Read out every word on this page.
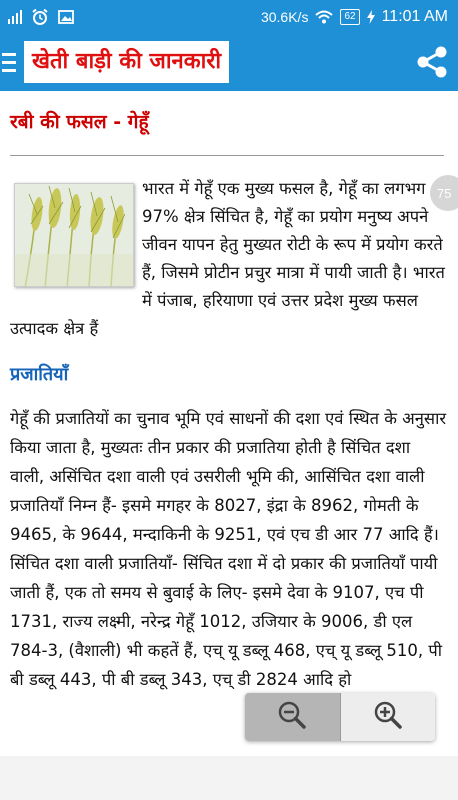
30.6K/s	62 11:01 AM
खेती बाड़ी की जानकारी
रबी की फसल - गेहूँ
भारत में गेहूँ एक मुख्य फसल है, गेहूँ का लगभग 97% क्षेत्र सिंचित है, गेहूँ का प्रयोग मनुष्य अपने जीवन यापन हेतु मुख्यत रोटी के रूप में प्रयोग करते हैं, जिसमे प्रोटीन प्रचुर मात्रा में पायी जाती है। भारत में पंजाब, हरियाणा एवं उत्तर प्रदेश मुख्य फसल उत्पादक क्षेत्र हैं
प्रजातियाँ

गेहूँ की प्रजातियों का चुनाव भूमि एवं साधनों की दशा एवं स्थित के अनुसार किया जाता है, मुख्यतः तीन प्रकार की प्रजातिया होती है सिंचित दशा वाली, असिंचित दशा वाली एवं उसरीली भूमि की, आसिंचित दशा वाली प्रजातियाँ निम्न हैं- इसमे मगहर के 8027, इंद्रा के 8962, गोमती के 9465, के 9644, मन्दाकिनी के 9251, एवं एच डी आर 77 आदि हैं। सिंचित दशा वाली प्रजातियाँ- सिंचित दशा में दो प्रकार की प्रजातियाँ पायी जाती हैं, एक तो समय से बुवाई के लिए- इसमे देवा के 9107, एच पी 1731, राज्य लक्ष्मी, नरेन्द्र गेहूँ 1012, उजियार के 9006, डी एल 784-3, (वैशाली) भी कहतें हैं, एच् यू डब्लू 468, एच् यू डब्लू 510, पी बी डब्लू 443, पी बी डब्लू 343, एच् डी 2824 आदि हो

75
